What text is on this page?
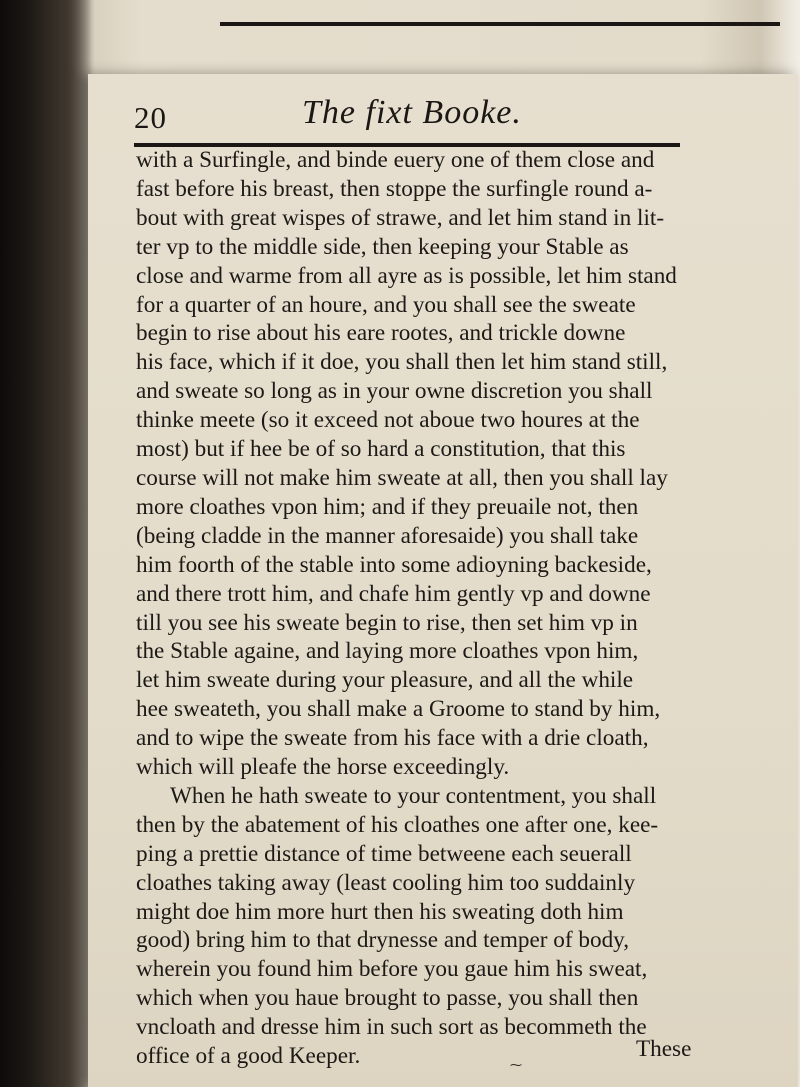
20	The fixt Booke.
with a Surfingle, and binde euery one of them close and
fast before his breast, then stoppe the surfingle round a-
bout with great wispes of strawe, and let him stand in lit-
ter vp to the middle side, then keeping your Stable as
close and warme from all ayre as is possible, let him stand
for a quarter of an houre, and you shall see the sweate
begin to rise about his eare rootes, and trickle downe
his face, which if it doe, you shall then let him stand still,
and sweate so long as in your owne discretion you shall
thinke meete (so it exceed not aboue two houres at the
most) but if hee be of so hard a constitution, that this
course will not make him sweate at all, then you shall lay
more cloathes vpon him; and if they preuaile not, then
(being cladde in the manner aforesaide) you shall take
him foorth of the stable into some adioyning backeside,
and there trott him, and chafe him gently vp and downe
till you see his sweate begin to rise, then set him vp in
the Stable againe, and laying more cloathes vpon him,
let him sweate during your pleasure, and all the while
hee sweateth, you shall make a Groome to stand by him,
and to wipe the sweate from his face with a drie cloath,
which will pleafe the horse exceedingly.
When he hath sweate to your contentment, you shall
then by the abatement of his cloathes one after one, kee-
ping a prettie distance of time betweene each seuerall
cloathes taking away (least cooling him too suddainly
might doe him more hurt then his sweating doth him
good) bring him to that drynesse and temper of body,
wherein you found him before you gaue him his sweat,
which when you haue brought to passe, you shall then
vncloath and dresse him in such sort as becommeth the
office of a good Keeper.	These
⁓
